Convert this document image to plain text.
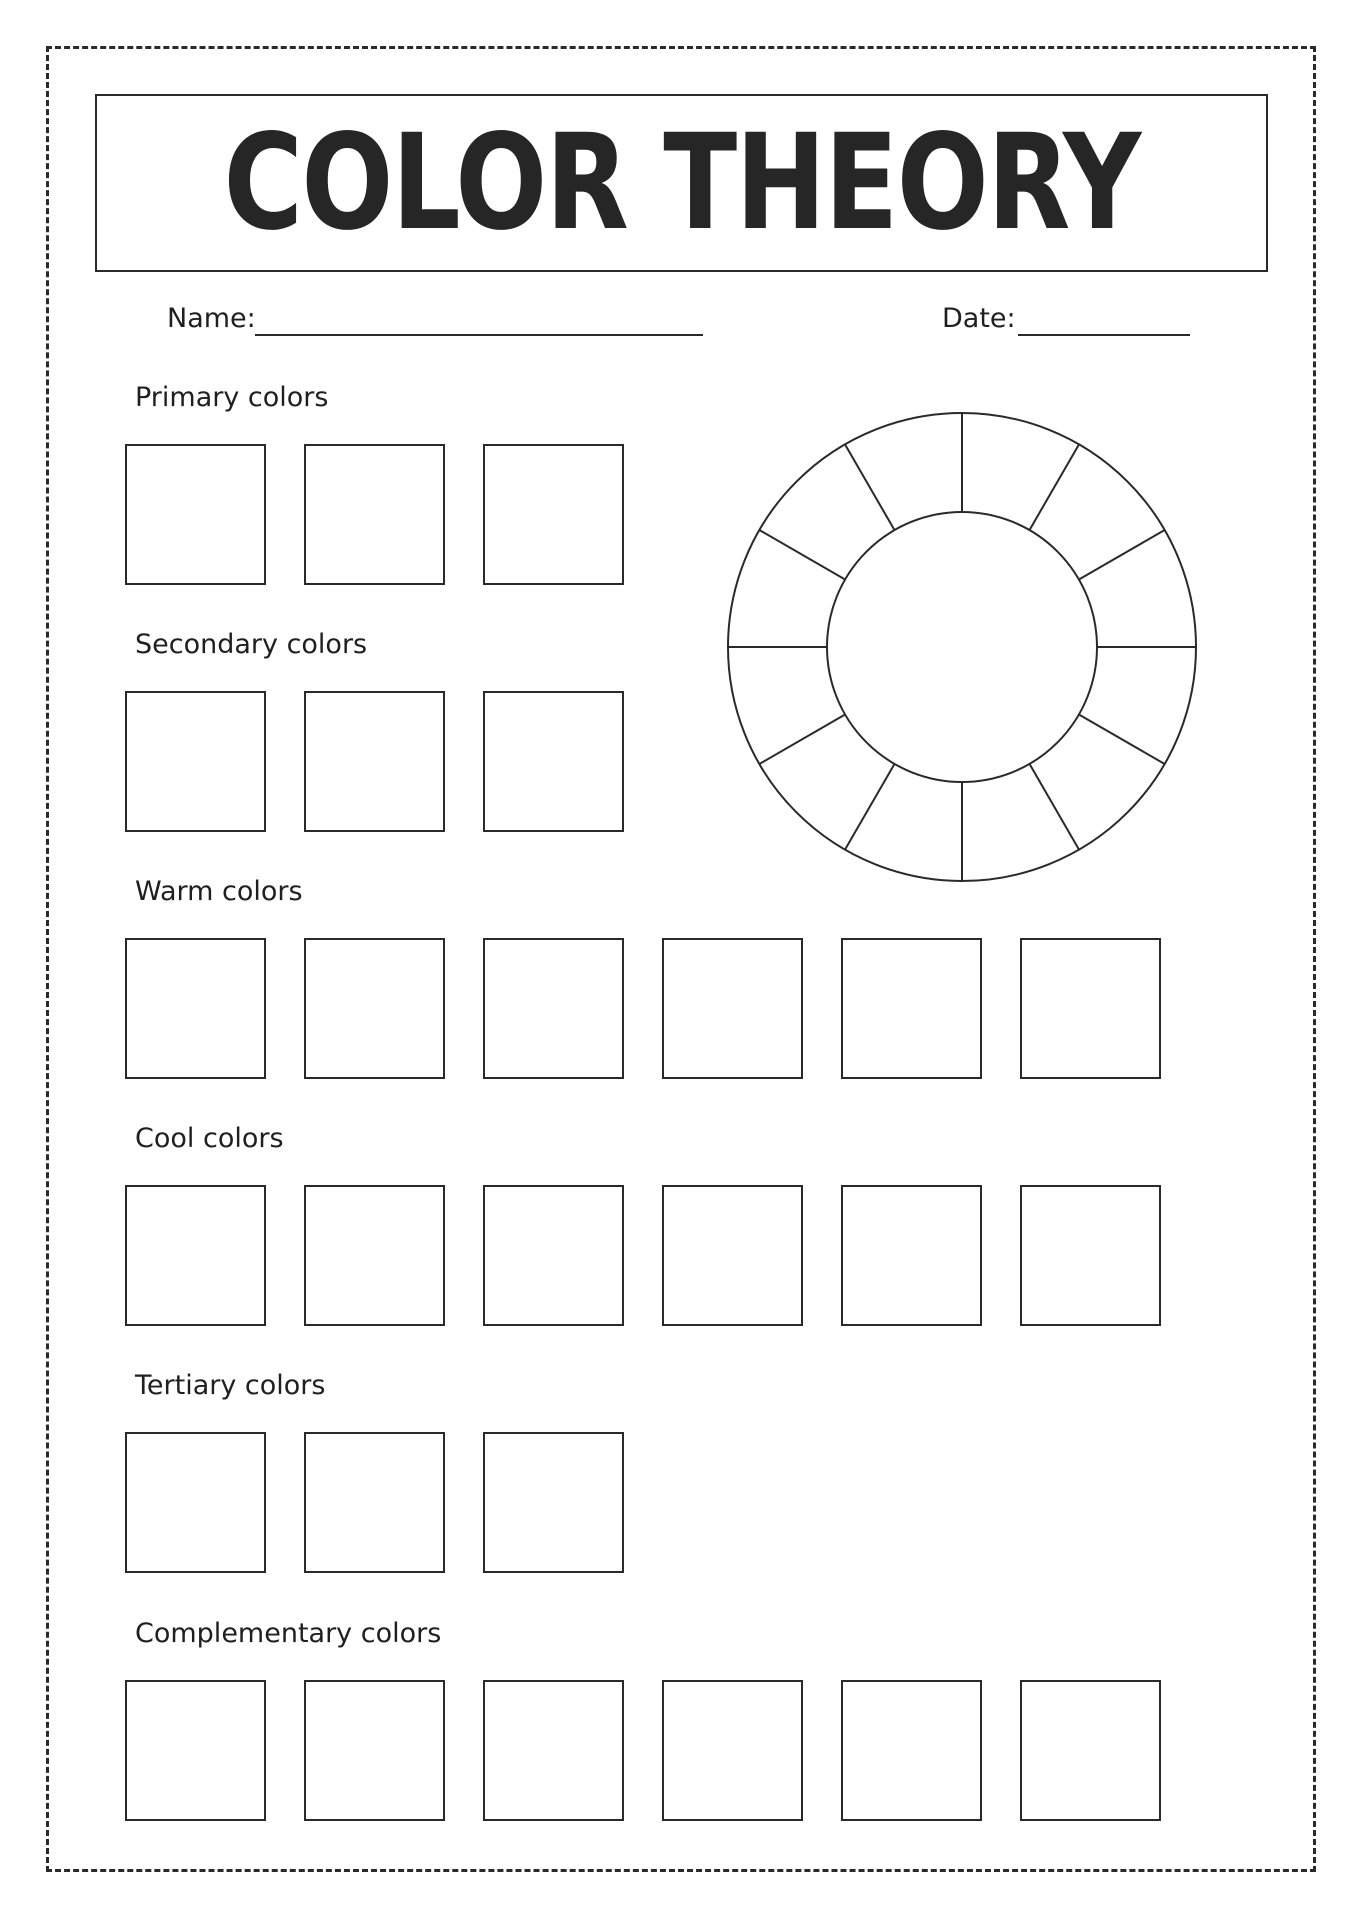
COLOR THEORY
Name:	Date:
Primary colors
Secondary colors
Warm colors
Cool colors
Tertiary colors
Complementary colors
